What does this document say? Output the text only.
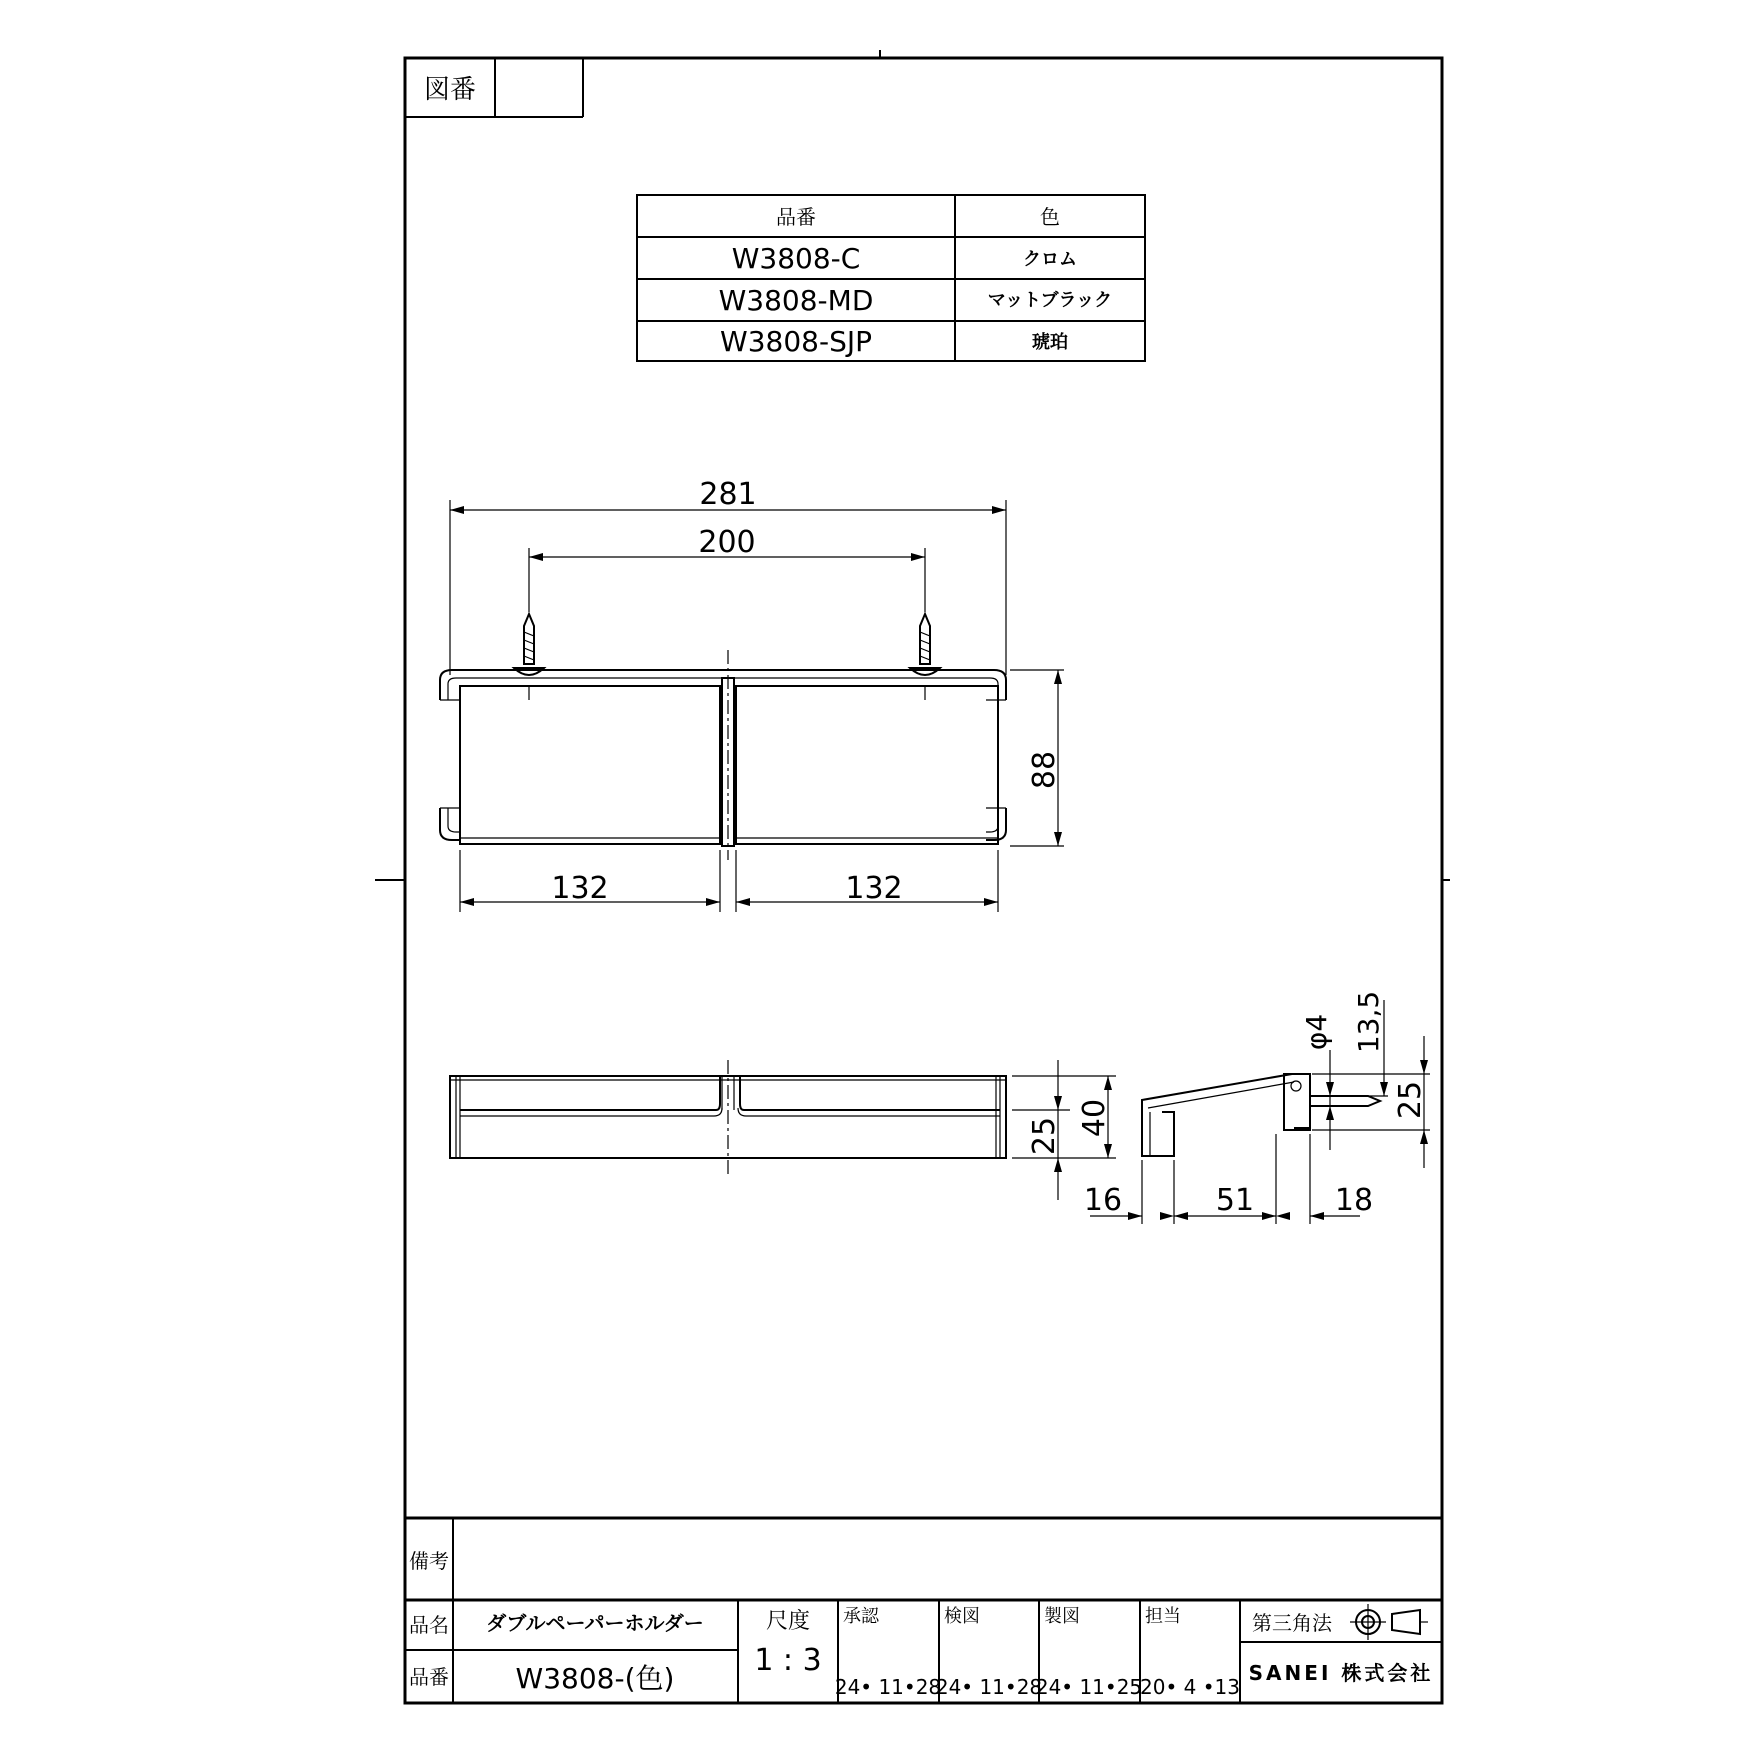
図番
品番	色
W3808-C	クロム
W3808-MD	マットブラック
W3808-SJP	琥珀
281
200
88
132	132
25 40
φ4 13,5
25
16	51	18
備考
品名 ダブルペーパーホルダー
品番 W3808-(色)
尺度
1 : 3
承認
24• 11•28
検図
24• 11•28
製図
24• 11•25
担当
20• 4 •13
第三角法
SANEI 株式会社
